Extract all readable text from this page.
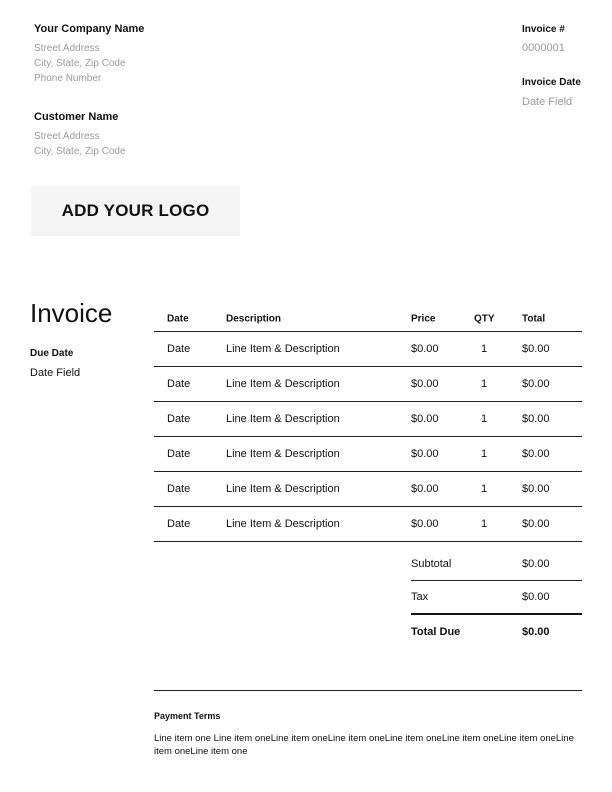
Your Company Name
Street Address
City, State, Zip Code
Phone Number
Customer Name
Street Address
City, State, Zip Code
Invoice #
0000001
Invoice Date
Date Field
ADD YOUR LOGO
Invoice
Due Date
Date Field
Date	Description	Price	QTY	Total
Date	Line Item & Description	$0.00	1	$0.00
Date	Line Item & Description	$0.00	1	$0.00
Date	Line Item & Description	$0.00	1	$0.00
Date	Line Item & Description	$0.00	1	$0.00
Date	Line Item & Description	$0.00	1	$0.00
Date	Line Item & Description	$0.00	1	$0.00
Subtotal	$0.00
Tax	$0.00
Total Due	$0.00
Payment Terms
Line item one Line item oneLine item oneLine item oneLine item oneLine item oneLine item oneLine item oneLine item one
